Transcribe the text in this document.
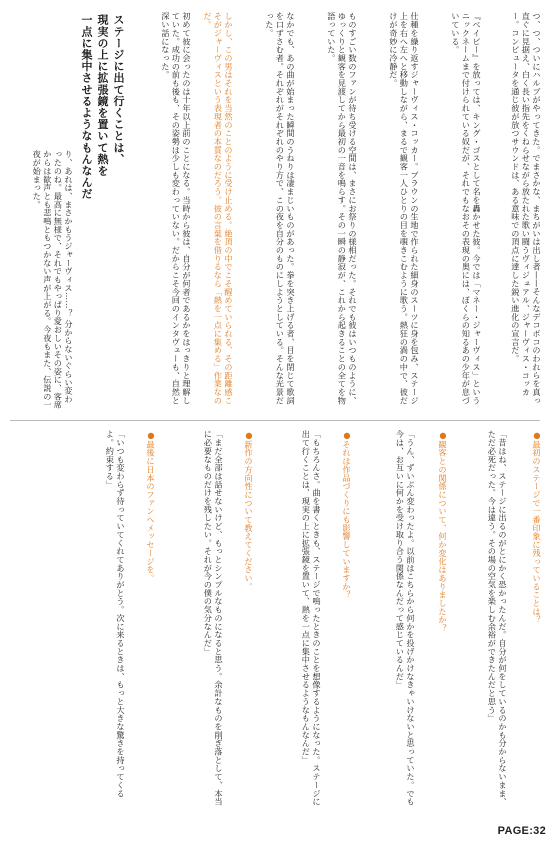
つ、つ、ついにハルブがやってきた。でまさかな、まちがいは出し者——そんなデコボコのわれらを真っ直ぐに見据え、白く長い指先をくねらせながら放たれた歌い闘うヴィジュアル、ジャーヴィス・コッカー。コンピュータを通じ彼が放つサウンドは、ある意味での頂点に達した鋭い進化の宣言だ。
『ベイビー』を放っては、キング・ゴスとして名を轟かせた彼。今では「マネー・ジャーヴィス」というニックネームまで付けられている奴だが、それでもなおその表現の奥には、ぼくらの知るあの少年が息づいている。
仕種を繰り返すジャーヴィス・コッカー。ブラウンの生地で作られた細身のスーツに身を包み、ステージ上を右へ左へと移動しながら、まるで観客一人ひとりの目を覗きこむように歌う。熱狂の渦の中で、彼だけが奇妙に冷静だ。
ものすごい数のファンが待ち受ける空間は、まさにお祭りの様相だった。それでも彼はいつものように、ゆっくりと観客を見渡してから最初の一音を鳴らす。その一瞬の静寂が、これから起きることの全てを物語っていた。
なかでも、あの曲が始まった瞬間のうねりは凄まじいものがあった。拳を突き上げる者、目を閉じて歌詞を口ずさむ者。それぞれがそれぞれのやり方で、この夜を自分のものにしようとしている。そんな光景だった。
しかし、この男はそれを当然のことのように受け止める。絶頂の中でこそ醒めていられる、その距離感こそがジャーヴィスという表現者の本質なのだろう。彼の言葉を借りるなら「熱を一点に集める」作業なのだ。
初めて彼に会ったのは十年以上前のことになる。当時から彼は、自分が何者であるかをはっきりと理解していた。成功の前も後も、その姿勢は少しも変わっていない。だからこそ今回のインタヴューも、自然と深い話になった。
ステージに出て行くことは、
現実の上に拡張鏡を置いて熱を
一点に集中させるようなもんなんだ
り、あれは、まさかもうジャーヴィス……？ 分からないぐらい変わったのね。最高に無様で、それでもやっぱり愛おしいその姿に、客席からは歓声とも悲鳴ともつかない声が上がる。今夜もまた、伝説の一夜が始まった。
●最初のステージで一番印象に残っていることは？
「昔はね、ステージに出るのがとにかく恐かったんだ。自分が何をしているのかも分からないまま、ただ必死だった。今は違う。その場の空気を楽しむ余裕ができたんだと思う」
●観客との関係について、何か変化はありましたか？
「うん、ずいぶん変わったよ。以前はこちらから何かを投げかけなきゃいけないと思っていた。でも今は、お互いに何かを受け取り合う関係なんだって感じているんだ」
●それは作品づくりにも影響していますか？
「もちろんさ。曲を書くときも、ステージで鳴ったときのことを想像するようになった。ステージに出て行くことは、現実の上に拡張鏡を置いて、熱を一点に集中させるようなもんなんだ」
●新作の方向性について教えてください。
「まだ全部は話せないけど、もっとシンプルなものになると思う。余計なものを削ぎ落として、本当に必要なものだけを残したい。それが今の僕の気分なんだ」
●最後に日本のファンへメッセージを。
「いつも変わらず待っていてくれてありがとう。次に来るときは、もっと大きな驚きを持ってくるよ。約束する」
PAGE:32
